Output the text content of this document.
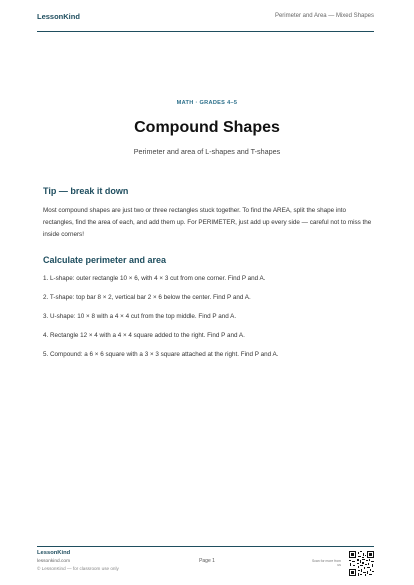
LessonKind	Perimeter and Area — Mixed Shapes
MATH · GRADES 4–5
Compound Shapes
Perimeter and area of L-shapes and T-shapes
Tip — break it down
Most compound shapes are just two or three rectangles stuck together. To find the AREA, split the shape into rectangles, find the area of each, and add them up. For PERIMETER, just add up every side — careful not to miss the inside corners!
Calculate perimeter and area
1. L-shape: outer rectangle 10 × 6, with 4 × 3 cut from one corner. Find P and A.
2. T-shape: top bar 8 × 2, vertical bar 2 × 6 below the center. Find P and A.
3. U-shape: 10 × 8 with a 4 × 4 cut from the top middle. Find P and A.
4. Rectangle 12 × 4 with a 4 × 4 square added to the right. Find P and A.
5. Compound: a 6 × 6 square with a 3 × 3 square attached at the right. Find P and A.
LessonKind
lessonkind.com
© LessonKind — for classroom use only
Page 1	Scan for more from us
